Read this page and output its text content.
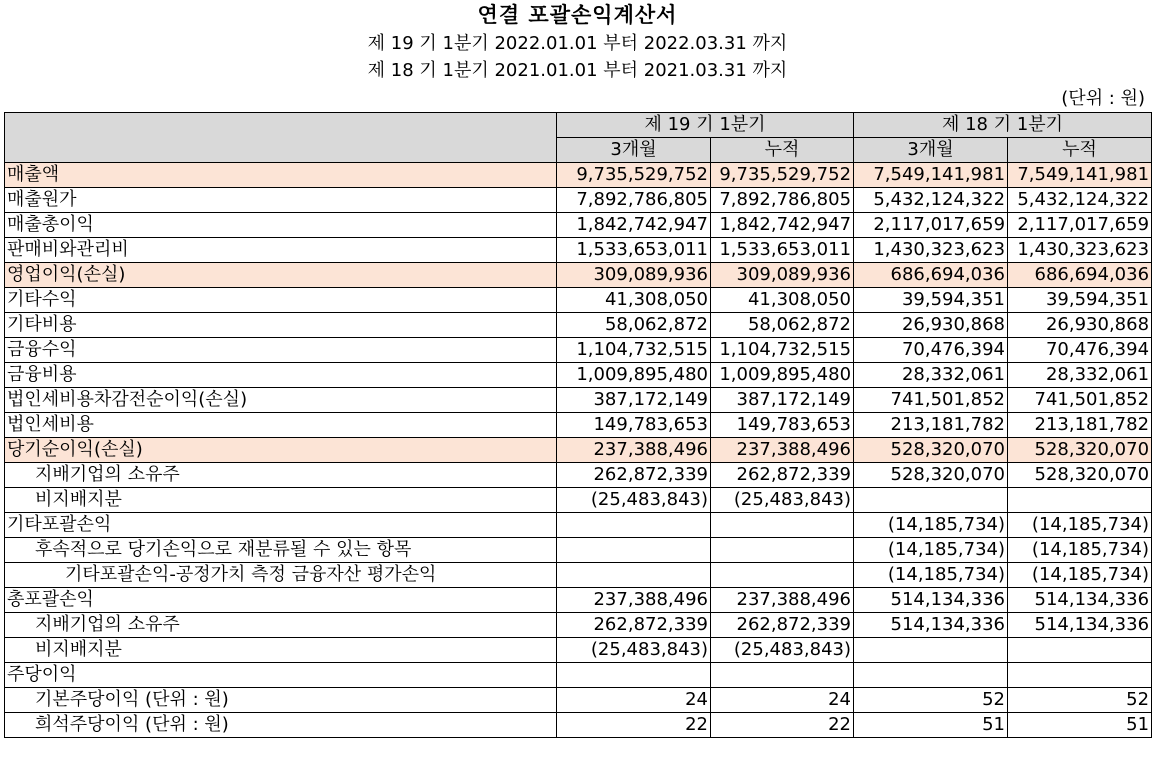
연결 포괄손익계산서
제 19 기 1분기 2022.01.01 부터 2022.03.31 까지
제 18 기 1분기 2021.01.01 부터 2021.03.31 까지
(단위 : 원)
	제 19 기 1분기		제 18 기 1분기	
	3개월	누적	3개월	누적
매출액	9,735,529,752	9,735,529,752	7,549,141,981	7,549,141,981
매출원가	7,892,786,805	7,892,786,805	5,432,124,322	5,432,124,322
매출총이익	1,842,742,947	1,842,742,947	2,117,017,659	2,117,017,659
판매비와관리비	1,533,653,011	1,533,653,011	1,430,323,623	1,430,323,623
영업이익(손실)	309,089,936	309,089,936	686,694,036	686,694,036
기타수익	41,308,050	41,308,050	39,594,351	39,594,351
기타비용	58,062,872	58,062,872	26,930,868	26,930,868
금융수익	1,104,732,515	1,104,732,515	70,476,394	70,476,394
금융비용	1,009,895,480	1,009,895,480	28,332,061	28,332,061
법인세비용차감전순이익(손실)	387,172,149	387,172,149	741,501,852	741,501,852
법인세비용	149,783,653	149,783,653	213,181,782	213,181,782
당기순이익(손실)	237,388,496	237,388,496	528,320,070	528,320,070
지배기업의 소유주	262,872,339	262,872,339	528,320,070	528,320,070
비지배지분	(25,483,843)	(25,483,843)		
기타포괄손익			(14,185,734)	(14,185,734)
후속적으로 당기손익으로 재분류될 수 있는 항목			(14,185,734)	(14,185,734)
기타포괄손익-공정가치 측정 금융자산 평가손익			(14,185,734)	(14,185,734)
총포괄손익	237,388,496	237,388,496	514,134,336	514,134,336
지배기업의 소유주	262,872,339	262,872,339	514,134,336	514,134,336
비지배지분	(25,483,843)	(25,483,843)		
주당이익				
기본주당이익 (단위 : 원)	24	24	52	52
희석주당이익 (단위 : 원)	22	22	51	51
